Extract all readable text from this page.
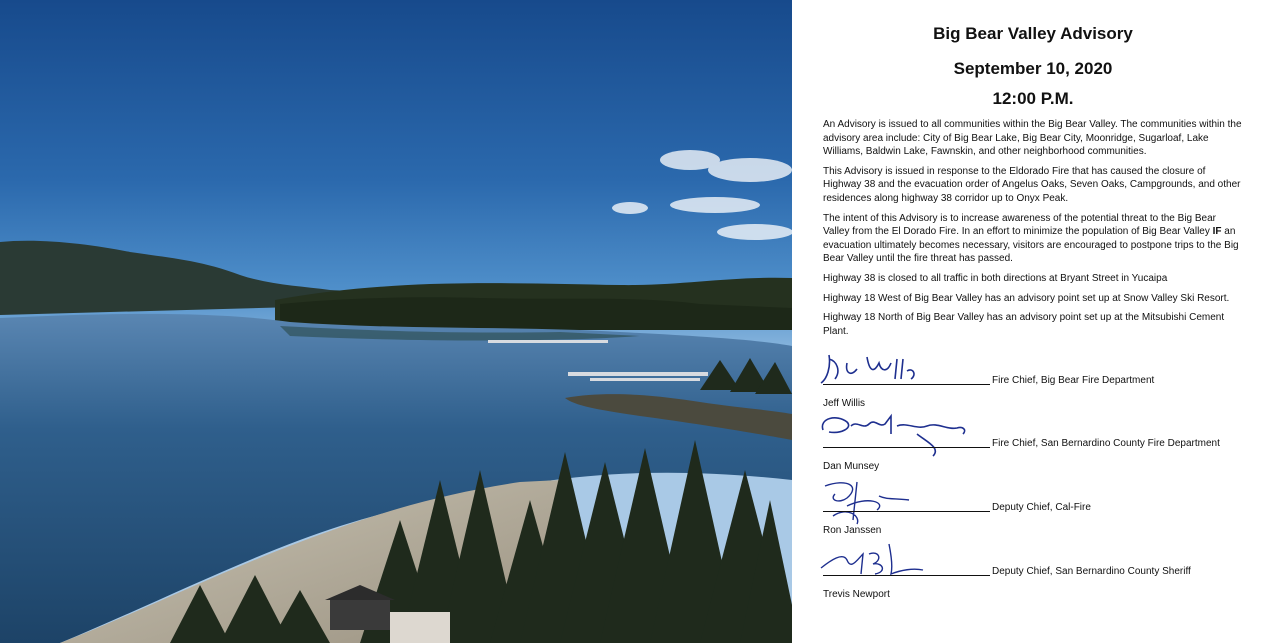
Big Bear Valley Advisory
September 10, 2020
12:00 P.M.

An Advisory is issued to all communities within the Big Bear Valley. The communities within the advisory area include: City of Big Bear Lake, Big Bear City, Moonridge, Sugarloaf, Lake Williams, Baldwin Lake, Fawnskin, and other neighborhood communities.

This Advisory is issued in response to the Eldorado Fire that has caused the closure of Highway 38 and the evacuation order of Angelus Oaks, Seven Oaks, Campgrounds, and other residences along highway 38 corridor up to Onyx Peak.

The intent of this Advisory is to increase awareness of the potential threat to the Big Bear Valley from the El Dorado Fire. In an effort to minimize the population of Big Bear Valley IF an evacuation ultimately becomes necessary, visitors are encouraged to postpone trips to the Big Bear Valley until the fire threat has passed.

Highway 38 is closed to all traffic in both directions at Bryant Street in Yucaipa

Highway 18 West of Big Bear Valley has an advisory point set up at Snow Valley Ski Resort.

Highway 18 North of Big Bear Valley has an advisory point set up at the Mitsubishi Cement Plant.

Fire Chief, Big Bear Fire Department
Jeff Willis
Fire Chief, San Bernardino County Fire Department
Dan Munsey
Deputy Chief, Cal-Fire
Ron Janssen
Deputy Chief, San Bernardino County Sheriff
Trevis Newport
